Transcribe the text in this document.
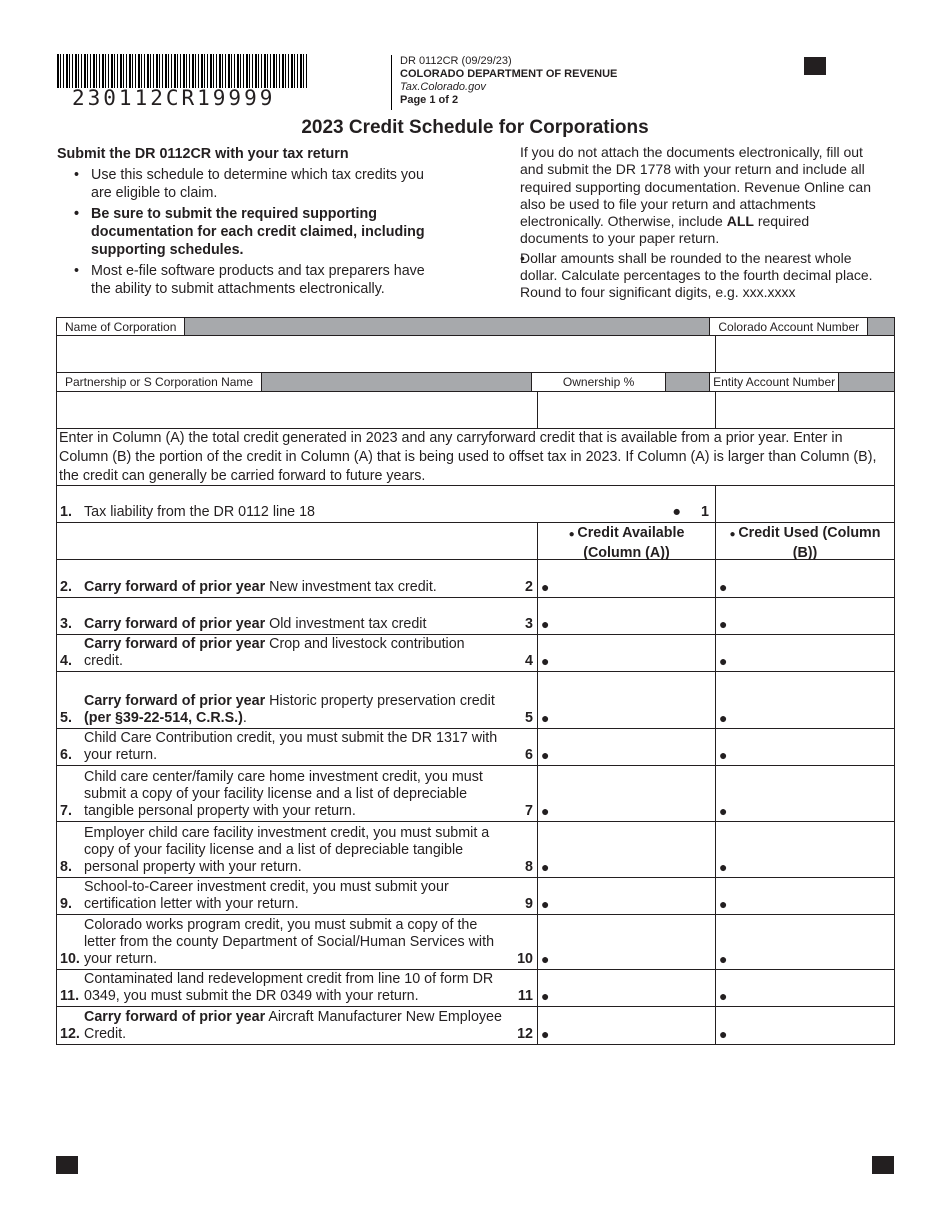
230112CR19999
DR 0112CR (09/29/23)
COLORADO DEPARTMENT OF REVENUE
Tax.Colorado.gov
Page 1 of 2
2023 Credit Schedule for Corporations
Submit the DR 0112CR with your tax return
• Use this schedule to determine which tax credits you are eligible to claim.
• Be sure to submit the required supporting documentation for each credit claimed, including supporting schedules.
• Most e-file software products and tax preparers have the ability to submit attachments electronically.
If you do not attach the documents electronically, fill out and submit the DR 1778 with your return and include all required supporting documentation. Revenue Online can also be used to file your return and attachments electronically. Otherwise, include ALL required documents to your paper return.
• Dollar amounts shall be rounded to the nearest whole dollar. Calculate percentages to the fourth decimal place. Round to four significant digits, e.g. xxx.xxxx
Name of Corporation	Colorado Account Number
Partnership or S Corporation Name	Ownership %	Entity Account Number
Enter in Column (A) the total credit generated in 2023 and any carryforward credit that is available from a prior year. Enter in Column (B) the portion of the credit in Column (A) that is being used to offset tax in 2023. If Column (A) is larger than Column (B), the credit can generally be carried forward to future years.
1. Tax liability from the DR 0112 line 18	● 1
● Credit Available (Column (A))
● Credit Used (Column (B))
2. Carry forward of prior year New investment tax credit.	2 ●	●
3. Carry forward of prior year Old investment tax credit	3 ●	●
4.
Carry forward of prior year Crop and livestock contribution credit.	4 ●	●
5.
Carry forward of prior year Historic property preservation credit (per §39-22-514, C.R.S.).	5 ●	●
6.
Child Care Contribution credit, you must submit the DR 1317 with your return.	6 ●	●
7.
Child care center/family care home investment credit, you must submit a copy of your facility license and a list of depreciable tangible personal property with your return.	7 ●	●
8.
Employer child care facility investment credit, you must submit a copy of your facility license and a list of depreciable tangible personal property with your return.	8 ●	●
9.
School-to-Career investment credit, you must submit your certification letter with your return.	9 ●	●
10.
Colorado works program credit, you must submit a copy of the letter from the county Department of Social/Human Services with your return.	10 ●	●
11.
Contaminated land redevelopment credit from line 10 of form DR 0349, you must submit the DR 0349 with your return.	11 ●	●
12.
Carry forward of prior year Aircraft Manufacturer New Employee Credit.	12 ●	●
